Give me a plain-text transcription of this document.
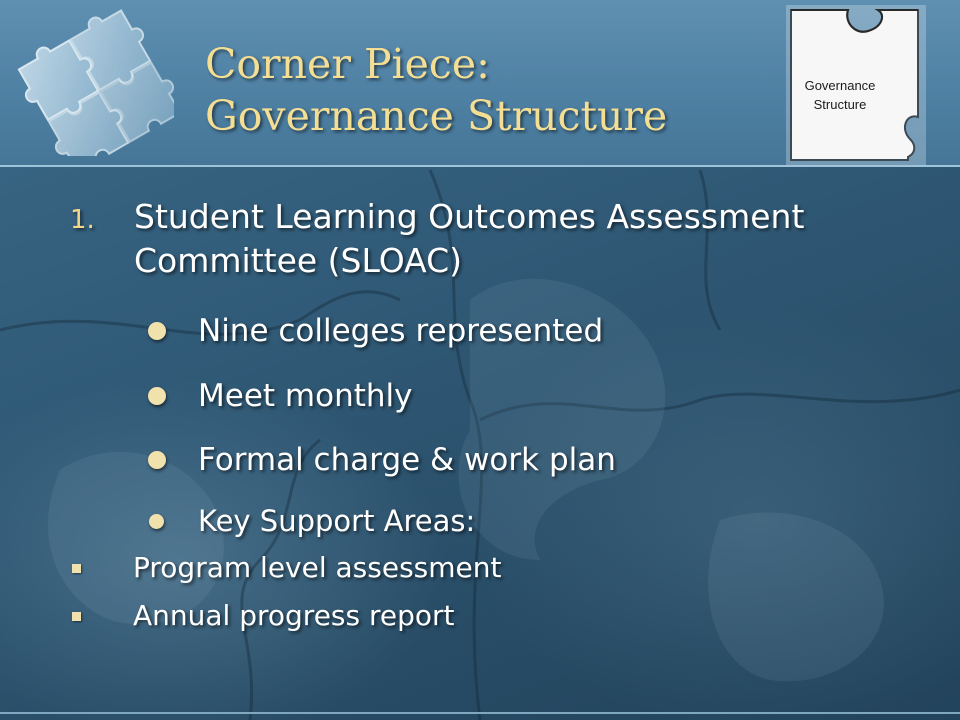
Corner Piece:
Governance Structure
Governance
Structure

1. Student Learning Outcomes Assessment
Committee (SLOAC)

Nine colleges represented

Meet monthly

Formal charge & work plan

Key Support Areas:

Program level assessment

Annual progress report
